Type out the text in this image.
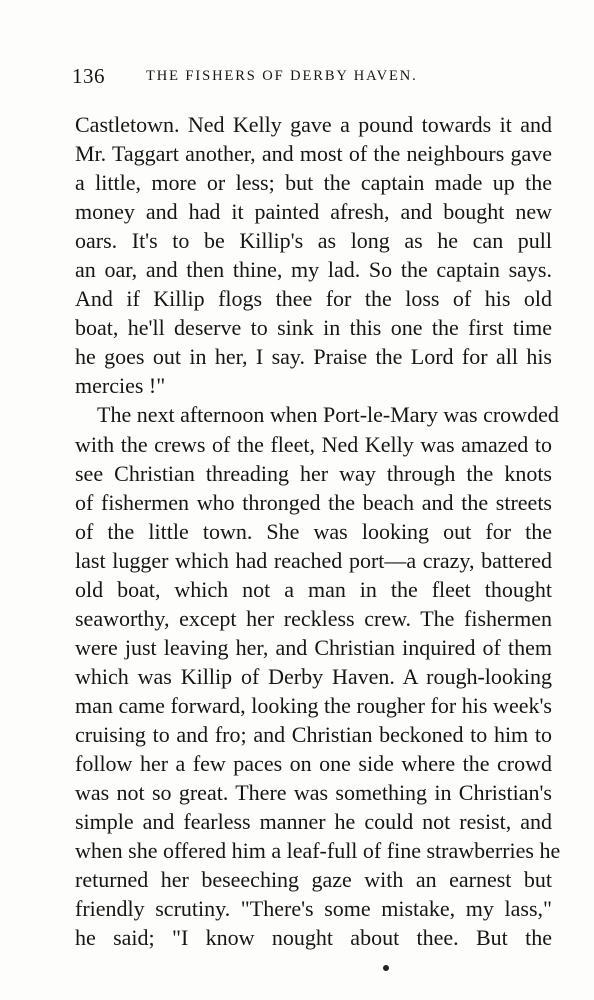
136	THE FISHERS OF DERBY HAVEN.
Castletown. Ned Kelly gave a pound towards it and
Mr. Taggart another, and most of the neighbours gave
a little, more or less; but the captain made up the
money and had it painted afresh, and bought new
oars. It's to be Killip's as long as he can pull
an oar, and then thine, my lad. So the captain says.
And if Killip flogs thee for the loss of his old
boat, he'll deserve to sink in this one the first time
he goes out in her, I say. Praise the Lord for all his
mercies !"
The next afternoon when Port-le-Mary was crowded
with the crews of the fleet, Ned Kelly was amazed to
see Christian threading her way through the knots
of fishermen who thronged the beach and the streets
of the little town. She was looking out for the
last lugger which had reached port—a crazy, battered
old boat, which not a man in the fleet thought
seaworthy, except her reckless crew. The fishermen
were just leaving her, and Christian inquired of them
which was Killip of Derby Haven. A rough-looking
man came forward, looking the rougher for his week's
cruising to and fro; and Christian beckoned to him to
follow her a few paces on one side where the crowd
was not so great. There was something in Christian's
simple and fearless manner he could not resist, and
when she offered him a leaf-full of fine strawberries he
returned her beseeching gaze with an earnest but
friendly scrutiny. "There's some mistake, my lass,"
he said; "I know nought about thee. But the
